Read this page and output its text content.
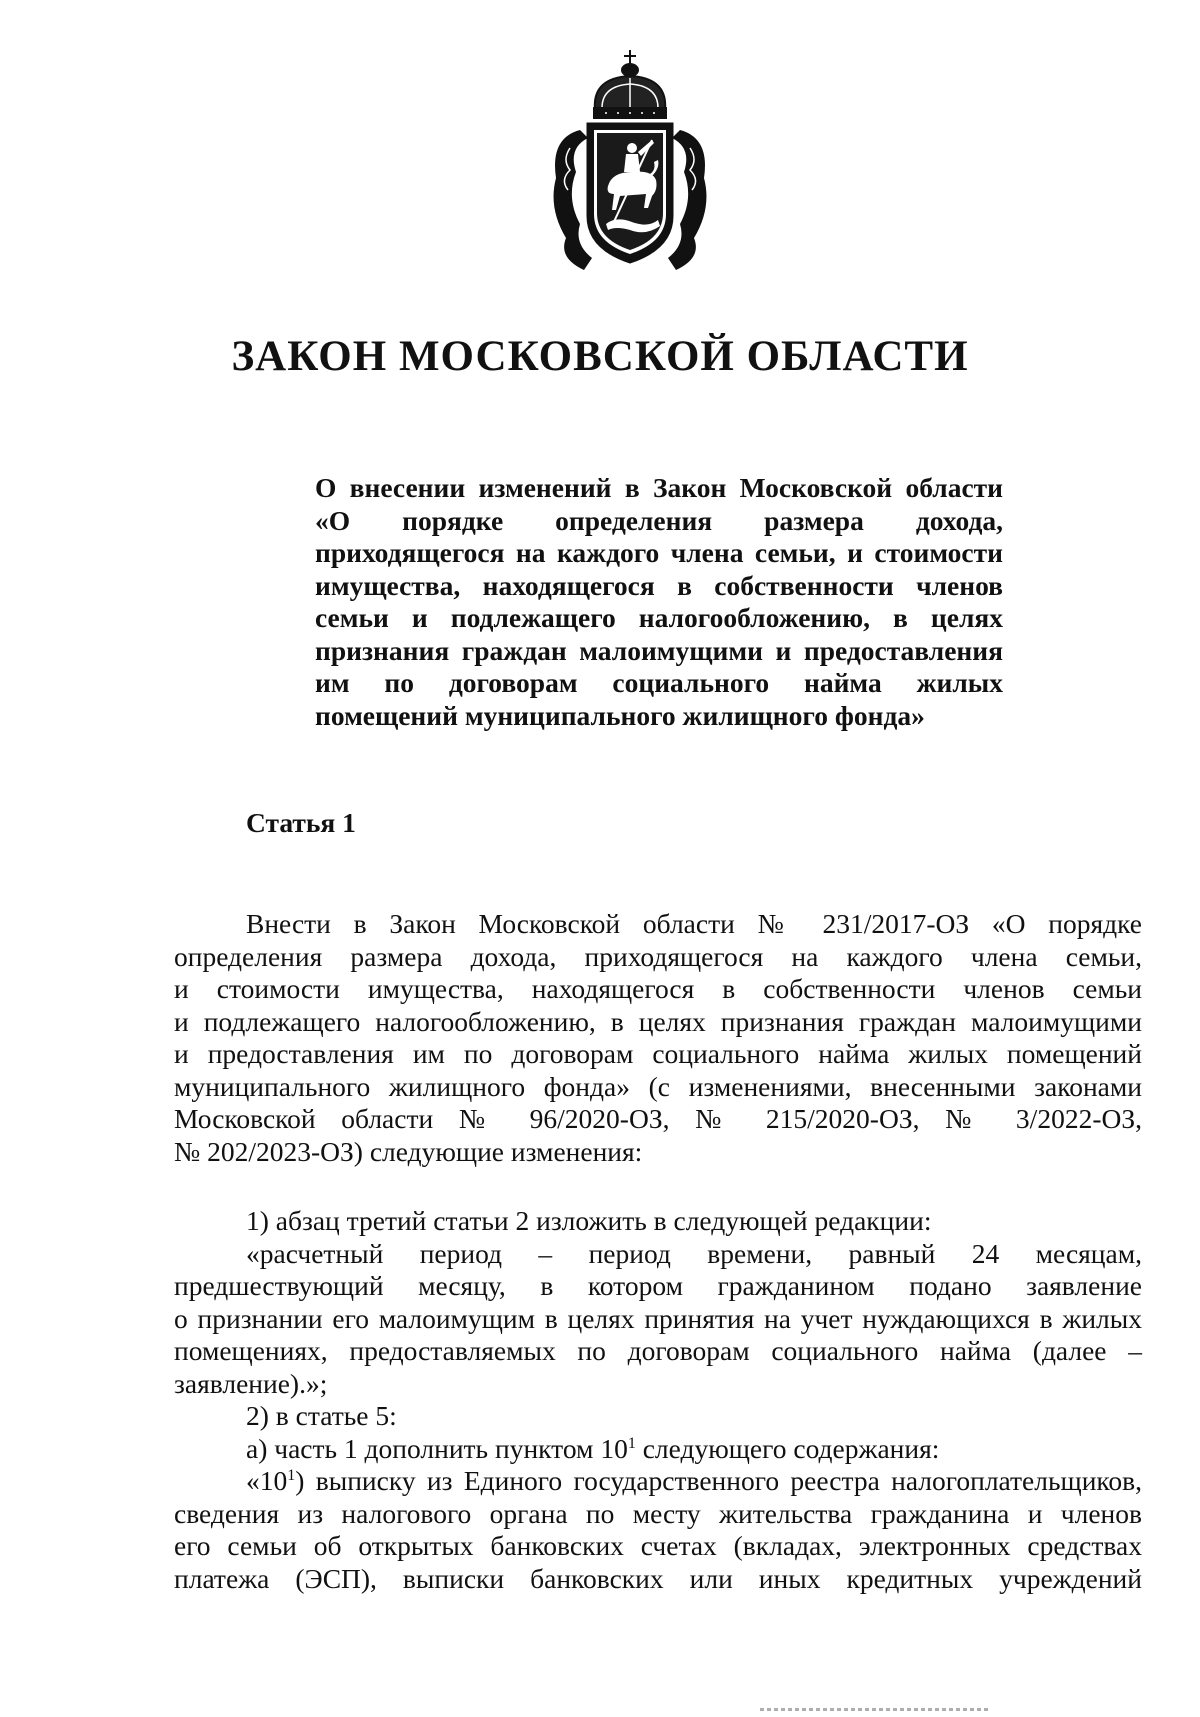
ЗАКОН МОСКОВСКОЙ ОБЛАСТИ
О внесении изменений в Закон Московской области
«О порядке определения размера дохода,
приходящегося на каждого члена семьи, и стоимости
имущества, находящегося в собственности членов
семьи и подлежащего налогообложению, в целях
признания граждан малоимущими и предоставления
им по договорам социального найма жилых
помещений муниципального жилищного фонда»
Статья 1
Внести в Закон Московской области № 231/2017-ОЗ «О порядке
определения размера дохода, приходящегося на каждого члена семьи,
и стоимости имущества, находящегося в собственности членов семьи
и подлежащего налогообложению, в целях признания граждан малоимущими
и предоставления им по договорам социального найма жилых помещений
муниципального жилищного фонда» (с изменениями, внесенными законами
Московской области № 96/2020-ОЗ, № 215/2020-ОЗ, № 3/2022-ОЗ,
№ 202/2023-ОЗ) следующие изменения:
1) абзац третий статьи 2 изложить в следующей редакции:
«расчетный период – период времени, равный 24 месяцам,
предшествующий месяцу, в котором гражданином подано заявление
о признании его малоимущим в целях принятия на учет нуждающихся в жилых
помещениях, предоставляемых по договорам социального найма (далее –
заявление).»;
2) в статье 5:
а) часть 1 дополнить пунктом $10^1$ следующего содержания:
«$10^1$) выписку из Единого государственного реестра налогоплательщиков,
сведения из налогового органа по месту жительства гражданина и членов
его семьи об открытых банковских счетах (вкладах, электронных средствах
платежа (ЭСП), выписки банковских или иных кредитных учреждений
